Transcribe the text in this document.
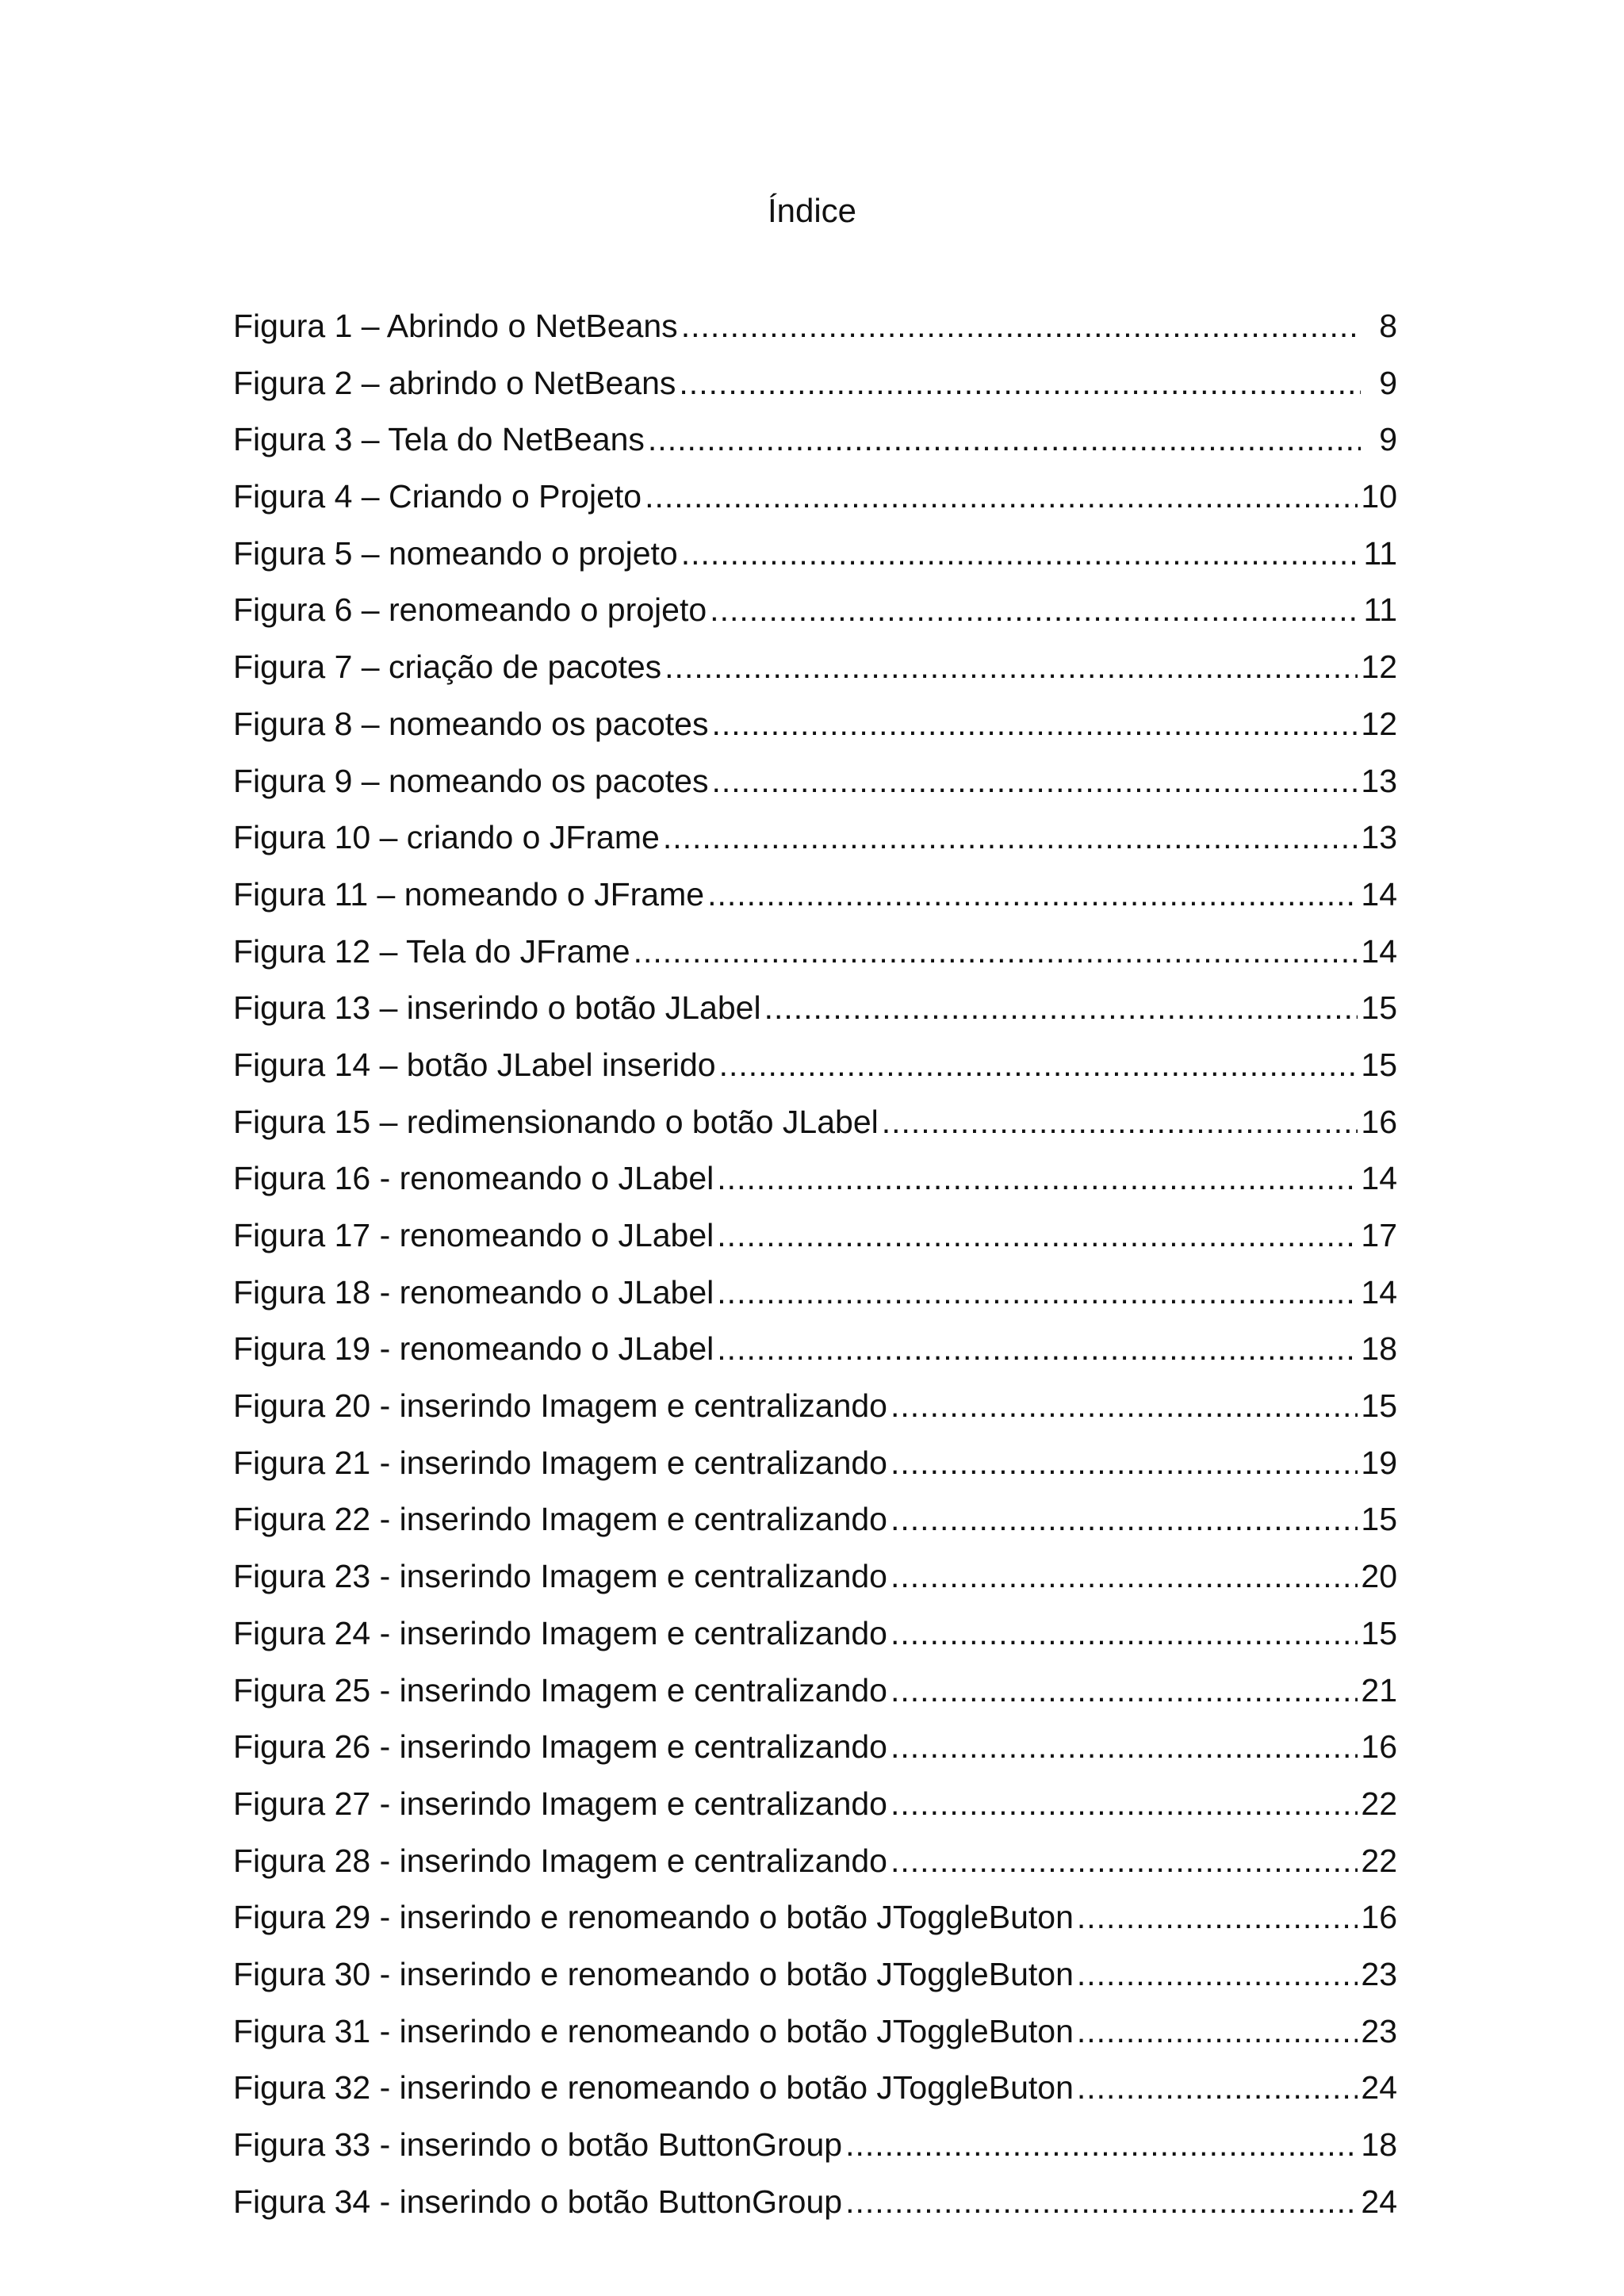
Índice
Figura 1 – Abrindo o NetBeans .....	8
Figura 2 – abrindo o NetBeans .....	9
Figura 3 – Tela do NetBeans .....	9
Figura 4 – Criando o Projeto .....	10
Figura 5 – nomeando o projeto .....	11
Figura 6 – renomeando o projeto .....	11
Figura 7 – criação de pacotes .....	12
Figura 8 – nomeando os pacotes .....	12
Figura 9 – nomeando os pacotes .....	13
Figura 10 – criando o JFrame .....	13
Figura 11 – nomeando o JFrame .....	14
Figura 12 – Tela do JFrame .....	14
Figura 13 – inserindo o botão JLabel .....	15
Figura 14 – botão JLabel inserido .....	15
Figura 15 – redimensionando o botão JLabel .....	16
Figura 16 - renomeando o JLabel .....	14
Figura 17 - renomeando o JLabel .....	17
Figura 18 - renomeando o JLabel .....	14
Figura 19 - renomeando o JLabel .....	18
Figura 20 - inserindo Imagem e centralizando .....	15
Figura 21 - inserindo Imagem e centralizando .....	19
Figura 22 - inserindo Imagem e centralizando .....	15
Figura 23 - inserindo Imagem e centralizando .....	20
Figura 24 - inserindo Imagem e centralizando .....	15
Figura 25 - inserindo Imagem e centralizando .....	21
Figura 26 - inserindo Imagem e centralizando .....	16
Figura 27 - inserindo Imagem e centralizando .....	22
Figura 28 - inserindo Imagem e centralizando .....	22
Figura 29 - inserindo e renomeando o botão JToggleButon .....	16
Figura 30 - inserindo e renomeando o botão JToggleButon .....	23
Figura 31 - inserindo e renomeando o botão JToggleButon .....	23
Figura 32 - inserindo e renomeando o botão JToggleButon .....	24
Figura 33 - inserindo o botão ButtonGroup .....	18
Figura 34 - inserindo o botão ButtonGroup .....	24
